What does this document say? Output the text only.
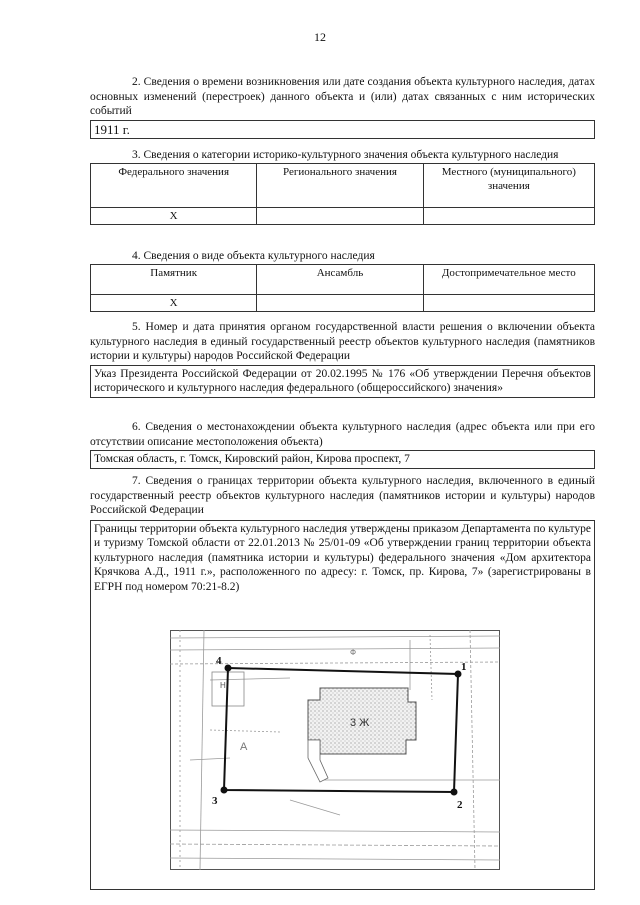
12
2. Сведения о времени возникновения или дате создания объекта культурного наследия, датах основных изменений (перестроек) данного объекта и (или) датах связанных с ним исторических событий
1911 г.
3. Сведения о категории историко-культурного значения объекта культурного наследия
Федерального значения	Регионального значения	Местного (муниципального) значения
X		
4. Сведения о виде объекта культурного наследия
Памятник	Ансамбль	Достопримечательное место
X		
5. Номер и дата принятия органом государственной власти решения о включении объекта культурного наследия в единый государственный реестр объектов культурного наследия (памятников истории и культуры) народов Российской Федерации
Указ Президента Российской Федерации от 20.02.1995 № 176 «Об утверждении Перечня объектов исторического и культурного наследия федерального (общероссийского) значения»
6. Сведения о местонахождении объекта культурного наследия (адрес объекта или при его отсутствии описание местоположения объекта)
Томская область, г. Томск, Кировский район, Кирова проспект, 7
7. Сведения о границах территории объекта культурного наследия, включенного в единый государственный реестр объектов культурного наследия (памятников истории и культуры) народов Российской Федерации
Границы территории объекта культурного наследия утверждены приказом Департамента по культуре и туризму Томской области от 22.01.2013 № 25/01-09 «Об утверждении границ территории объекта культурного наследия (памятника истории и культуры) федерального значения «Дом архитектора Крячкова А.Д., 1911 г.», расположенного по адресу: г. Томск, пр. Кирова, 7» (зарегистрированы в ЕГРН под номером 70:21-8.2)
Н
А
Ф
3 Ж
1
2
3
4
